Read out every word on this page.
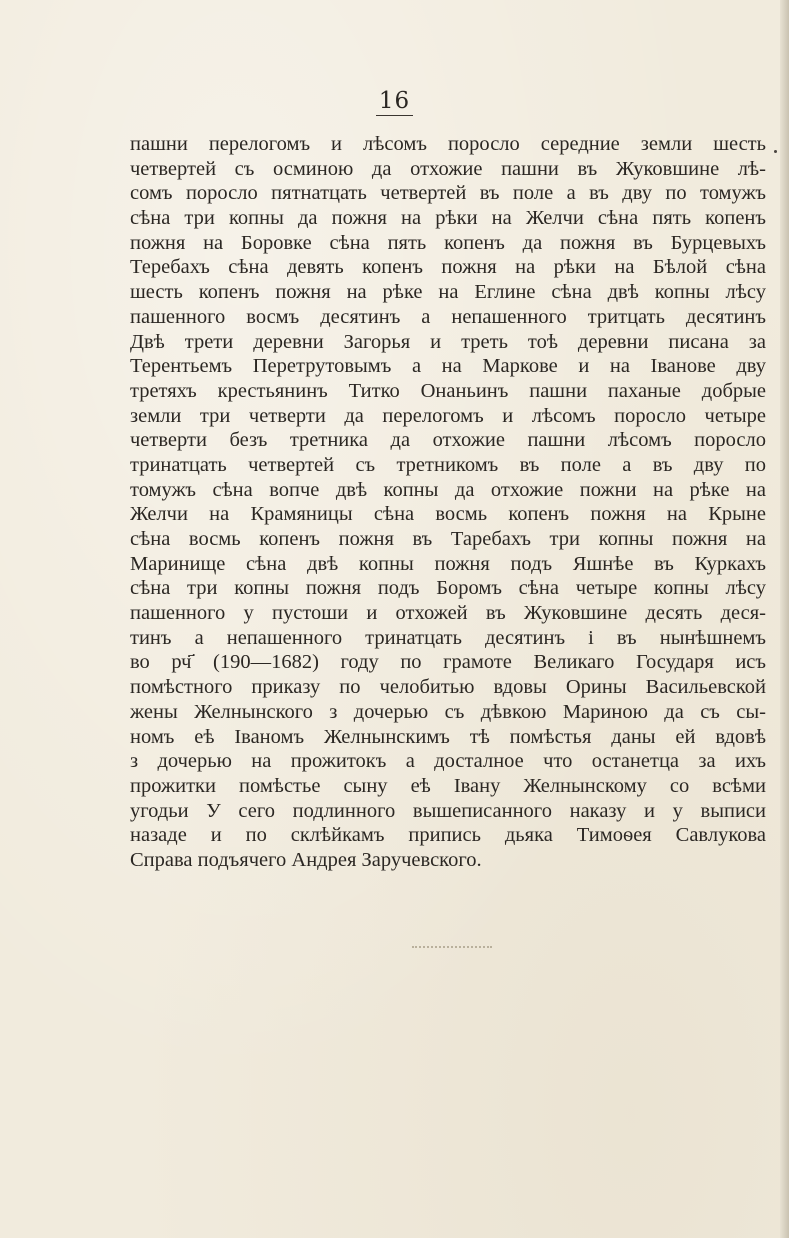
16
пашни перелогомъ и лѣсомъ поросло середние земли шесть
четвертей съ осминою да отхожие пашни въ Жуковшине лѣ-
сомъ поросло пятнатцать четвертей въ поле а въ дву по томужъ
сѣна три копны да пожня на рѣки на Желчи сѣна пять копенъ
пожня на Боровке сѣна пять копенъ да пожня въ Бурцевыхъ
Теребахъ сѣна девять копенъ пожня на рѣки на Бѣлой сѣна
шесть копенъ пожня на рѣке на Еглине сѣна двѣ копны лѣсу
пашенного восмъ десятинъ а непашенного тритцать десятинъ
Двѣ трети деревни Загорья и треть тоѣ деревни писана за
Терентьемъ Перетрутовымъ а на Маркове и на Іванове дву
третяхъ крестьянинъ Титко Онаньинъ пашни паханые добрые
земли три четверти да перелогомъ и лѣсомъ поросло четыре
четверти безъ третника да отхожие пашни лѣсомъ поросло
тринатцать четвертей съ третникомъ въ поле а въ дву по
томужъ сѣна вопче двѣ копны да отхожие пожни на рѣке на
Желчи на Крамяницы сѣна восмь копенъ пожня на Крыне
сѣна восмь копенъ пожня въ Таребахъ три копны пожня на
Маринище сѣна двѣ копны пожня подъ Яшнѣе въ Куркахъ
сѣна три копны пожня подъ Боромъ сѣна четыре копны лѣсу
пашенного у пустоши и отхожей въ Жуковшине десять деся-
тинъ а непашенного тринатцать десятинъ і въ нынѣшнемъ
во рч҃ (190—1682) году по грамоте Великаго Государя исъ
помѣстного приказу по челобитью вдовы Орины Васильевской
жены Желнынского з дочерью съ дѣвкою Мариною да съ сы-
номъ еѣ Іваномъ Желнынскимъ тѣ помѣстья даны ей вдовѣ
з дочерью на прожитокъ а досталное что останетца за ихъ
прожитки помѣстье сыну еѣ Івану Желнынскому со всѣми
угодьи У сего подлинного вышеписанного наказу и у выписи
назаде и по склѣйкамъ припись дьяка Тимоѳея Савлукова
Справа подъячего Андрея Заручевского.
